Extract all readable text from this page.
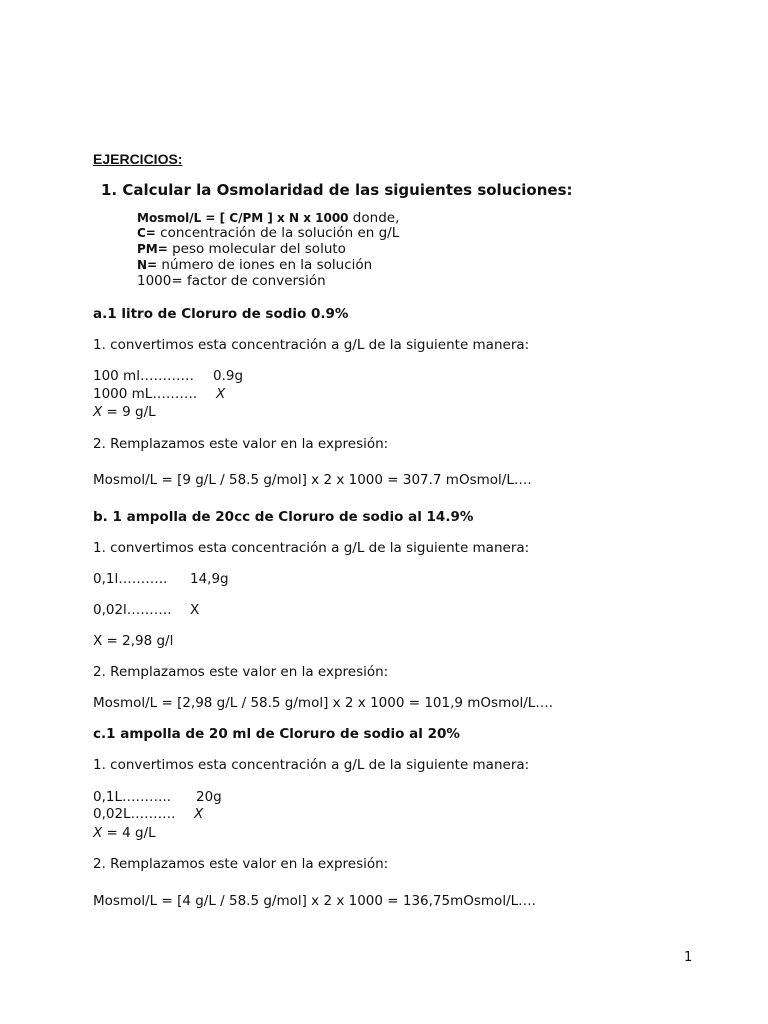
EJERCICIOS:
1. Calcular la Osmolaridad de las siguientes soluciones:
Mosmol/L = [ C/PM ] x N x 1000 donde,
C= concentración de la solución en g/L
PM= peso molecular del soluto
N= número de iones en la solución
1000= factor de conversión
a.1 litro de Cloruro de sodio 0.9%
1. convertimos esta concentración a g/L de la siguiente manera:
100 ml………… 0.9g
1000 mL………. X
X = 9 g/L
2. Remplazamos este valor en la expresión:
Mosmol/L = [9 g/L / 58.5 g/mol] x 2 x 1000 = 307.7 mOsmol/L….
b. 1 ampolla de 20cc de Cloruro de sodio al 14.9%
1. convertimos esta concentración a g/L de la siguiente manera:
0,1l……….. 14,9g
0,02l………. X
X = 2,98 g/l
2. Remplazamos este valor en la expresión:
Mosmol/L = [2,98 g/L / 58.5 g/mol] x 2 x 1000 = 101,9 mOsmol/L….
c.1 ampolla de 20 ml de Cloruro de sodio al 20%
1. convertimos esta concentración a g/L de la siguiente manera:
0,1L……….. 20g
0,02L………. X
X = 4 g/L
2. Remplazamos este valor en la expresión:
Mosmol/L = [4 g/L / 58.5 g/mol] x 2 x 1000 = 136,75mOsmol/L….
1
